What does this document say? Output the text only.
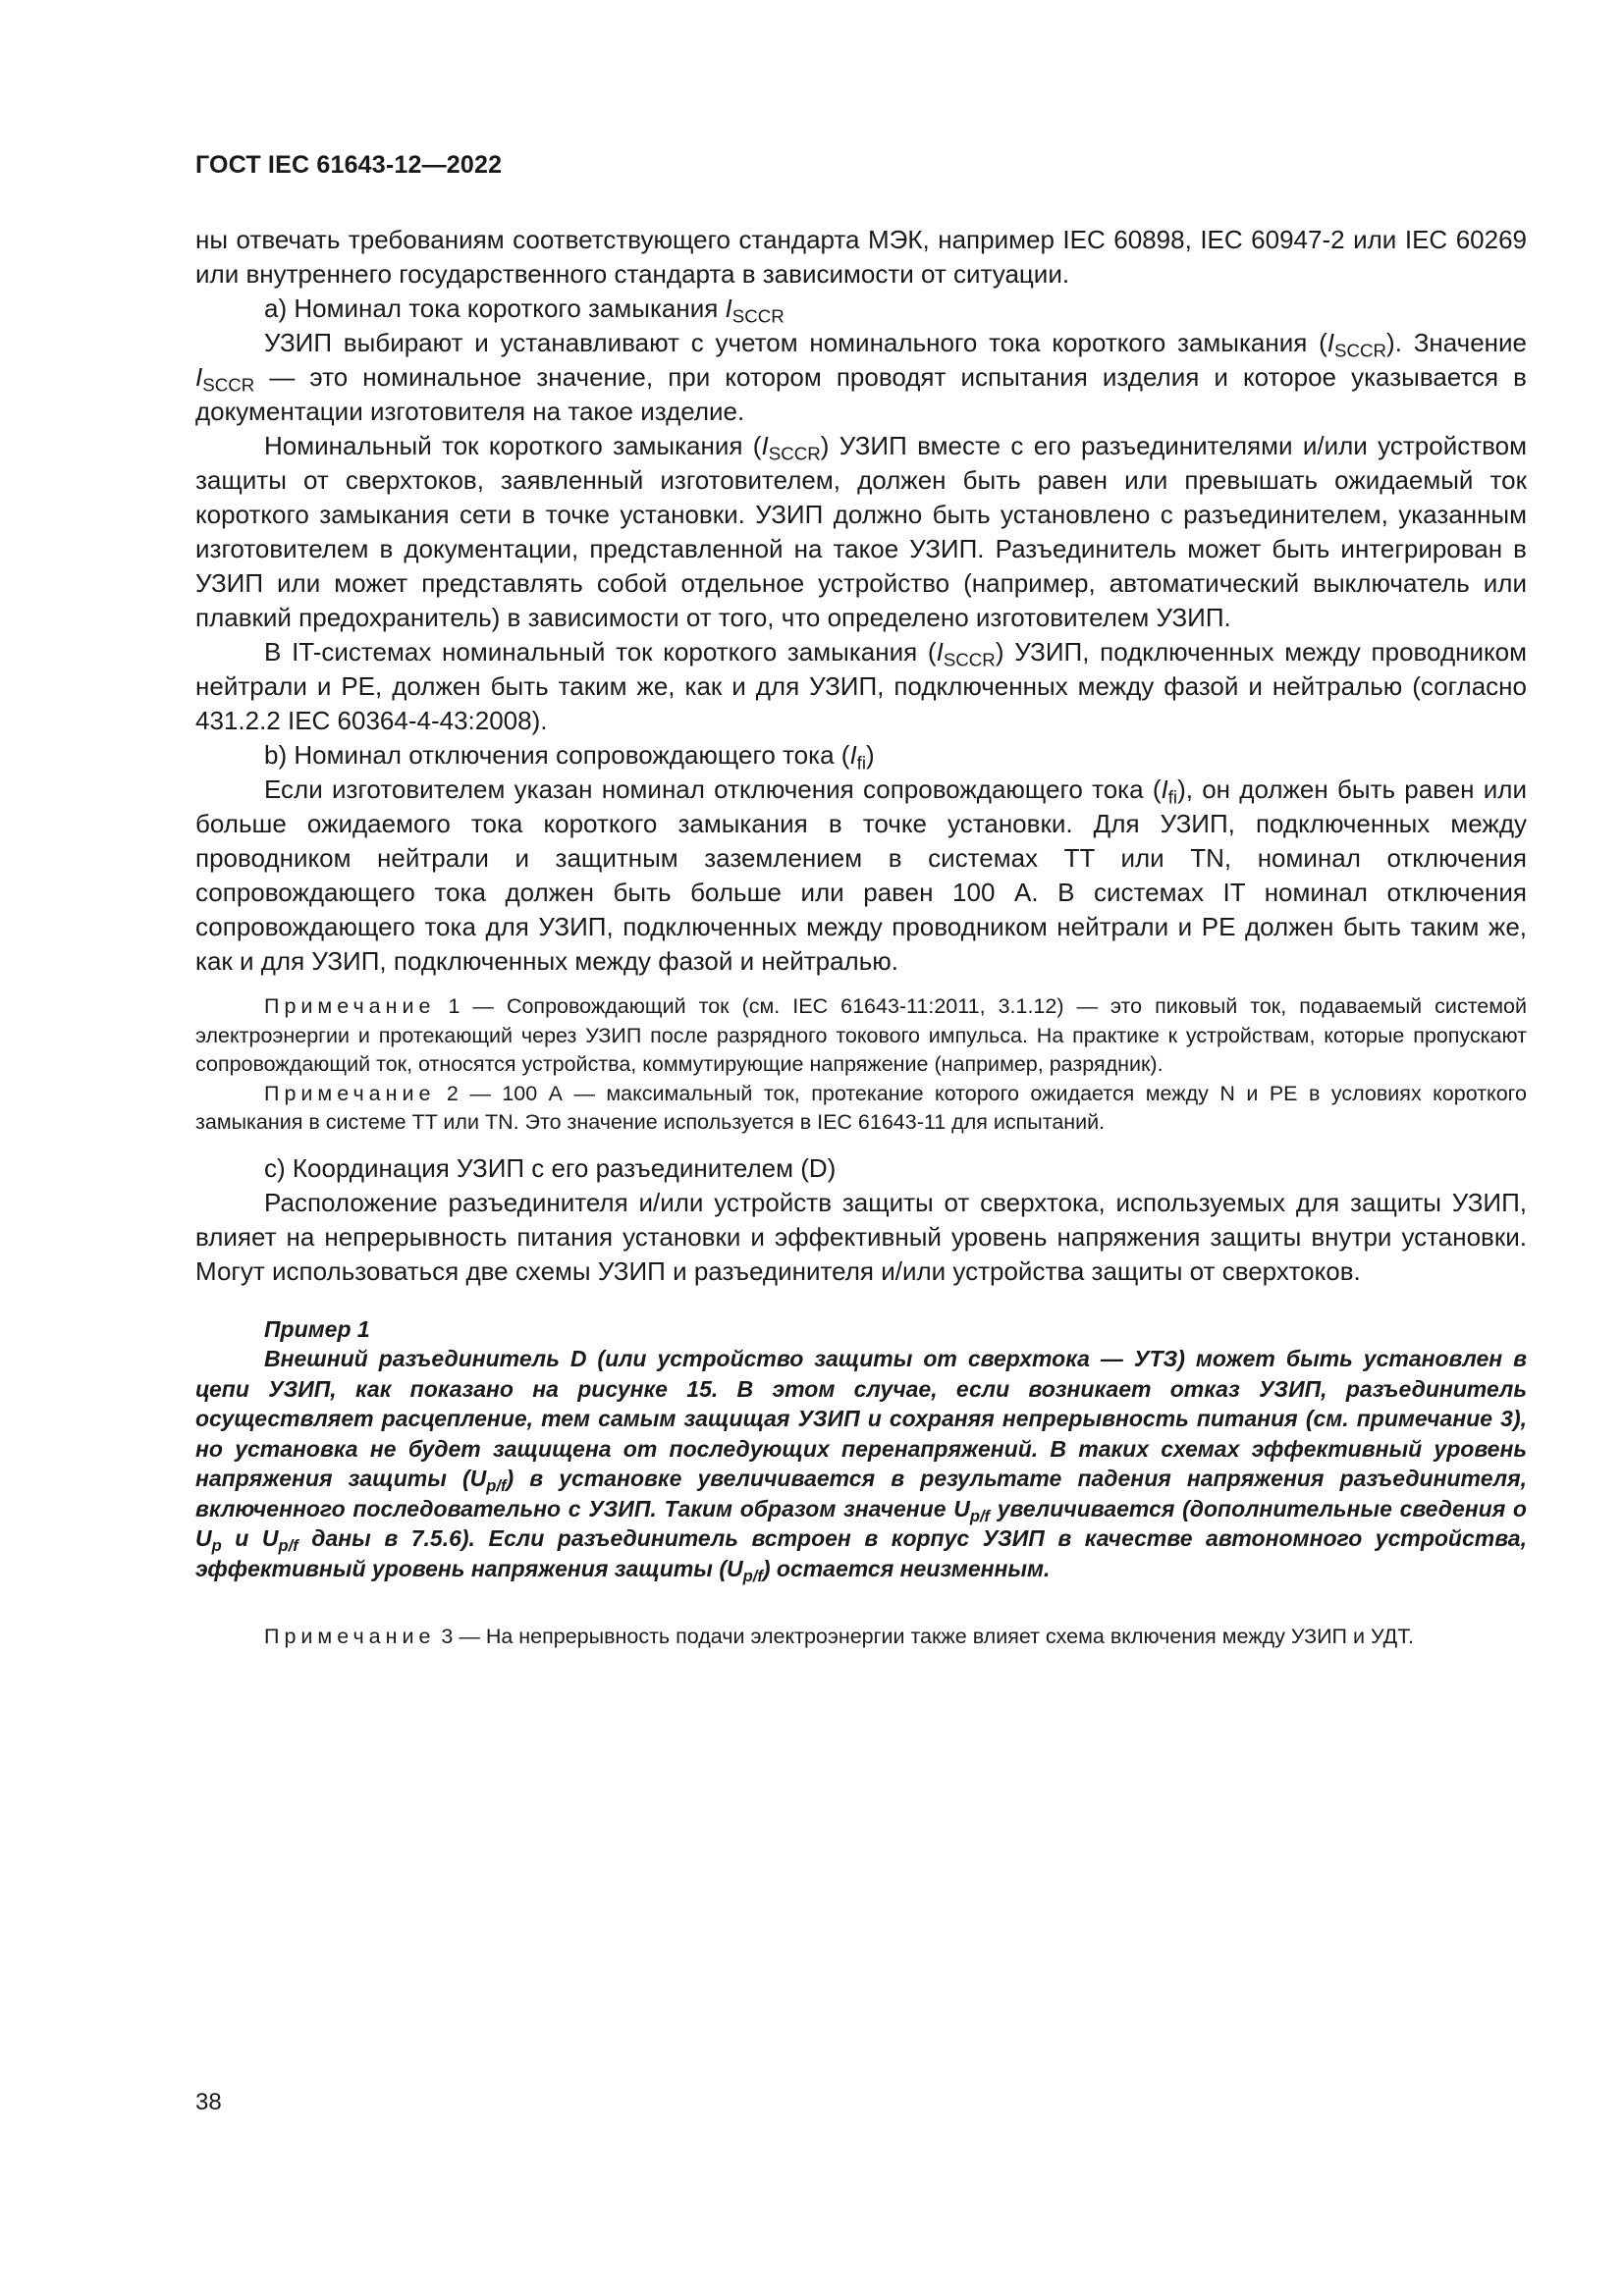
ГОСТ IEC 61643-12—2022

ны отвечать требованиям соответствующего стандарта МЭК, например IEC 60898, IEC 60947-2 или IEC 60269 или внутреннего государственного стандарта в зависимости от ситуации.

а) Номинал тока короткого замыкания $I_{SCCR}$

УЗИП выбирают и устанавливают с учетом номинального тока короткого замыкания $(I_{SCCR})$. Значение $I_{SCCR}$ — это номинальное значение, при котором проводят испытания изделия и которое указывается в документации изготовителя на такое изделие.

Номинальный ток короткого замыкания $(I_{SCCR})$ УЗИП вместе с его разъединителями и/или устройством защиты от сверхтоков, заявленный изготовителем, должен быть равен или превышать ожидаемый ток короткого замыкания сети в точке установки. УЗИП должно быть установлено с разъединителем, указанным изготовителем в документации, представленной на такое УЗИП. Разъединитель может быть интегрирован в УЗИП или может представлять собой отдельное устройство (например, автоматический выключатель или плавкий предохранитель) в зависимости от того, что определено изготовителем УЗИП.

В IT-системах номинальный ток короткого замыкания $(I_{SCCR})$ УЗИП, подключенных между проводником нейтрали и PE, должен быть таким же, как и для УЗИП, подключенных между фазой и нейтралью (согласно 431.2.2 IEC 60364-4-43:2008).

b) Номинал отключения сопровождающего тока $(I_{fi})$

Если изготовителем указан номинал отключения сопровождающего тока $(I_{fi})$, он должен быть равен или больше ожидаемого тока короткого замыкания в точке установки. Для УЗИП, подключенных между проводником нейтрали и защитным заземлением в системах TT или TN, номинал отключения сопровождающего тока должен быть больше или равен 100 А. В системах IT номинал отключения сопровождающего тока для УЗИП, подключенных между проводником нейтрали и PE должен быть таким же, как и для УЗИП, подключенных между фазой и нейтралью.

Примечание 1 — Сопровождающий ток (см. IEC 61643-11:2011, 3.1.12) — это пиковый ток, подаваемый системой электроэнергии и протекающий через УЗИП после разрядного токового импульса. На практике к устройствам, которые пропускают сопровождающий ток, относятся устройства, коммутирующие напряжение (например, разрядник).

Примечание 2 — 100 А — максимальный ток, протекание которого ожидается между N и PE в условиях короткого замыкания в системе TT или TN. Это значение используется в IEC 61643-11 для испытаний.

с) Координация УЗИП с его разъединителем (D)

Расположение разъединителя и/или устройств защиты от сверхтока, используемых для защиты УЗИП, влияет на непрерывность питания установки и эффективный уровень напряжения защиты внутри установки. Могут использоваться две схемы УЗИП и разъединителя и/или устройства защиты от сверхтоков.

Пример 1

Внешний разъединитель D (или устройство защиты от сверхтока — УТЗ) может быть установлен в цепи УЗИП, как показано на рисунке 15. В этом случае, если возникает отказ УЗИП, разъединитель осуществляет расцепление, тем самым защищая УЗИП и сохраняя непрерывность питания (см. примечание 3), но установка не будет защищена от последующих перенапряжений. В таких схемах эффективный уровень напряжения защиты $(U_{p/f})$ в установке увеличивается в результате падения напряжения разъединителя, включенного последовательно с УЗИП. Таким образом значение $U_{p/f}$ увеличивается (дополнительные сведения о $U_p$ и $U_{p/f}$ даны в 7.5.6). Если разъединитель встроен в корпус УЗИП в качестве автономного устройства, эффективный уровень напряжения защиты $(U_{p/f})$ остается неизменным.

Примечание 3 — На непрерывность подачи электроэнергии также влияет схема включения между УЗИП и УДТ.

38
